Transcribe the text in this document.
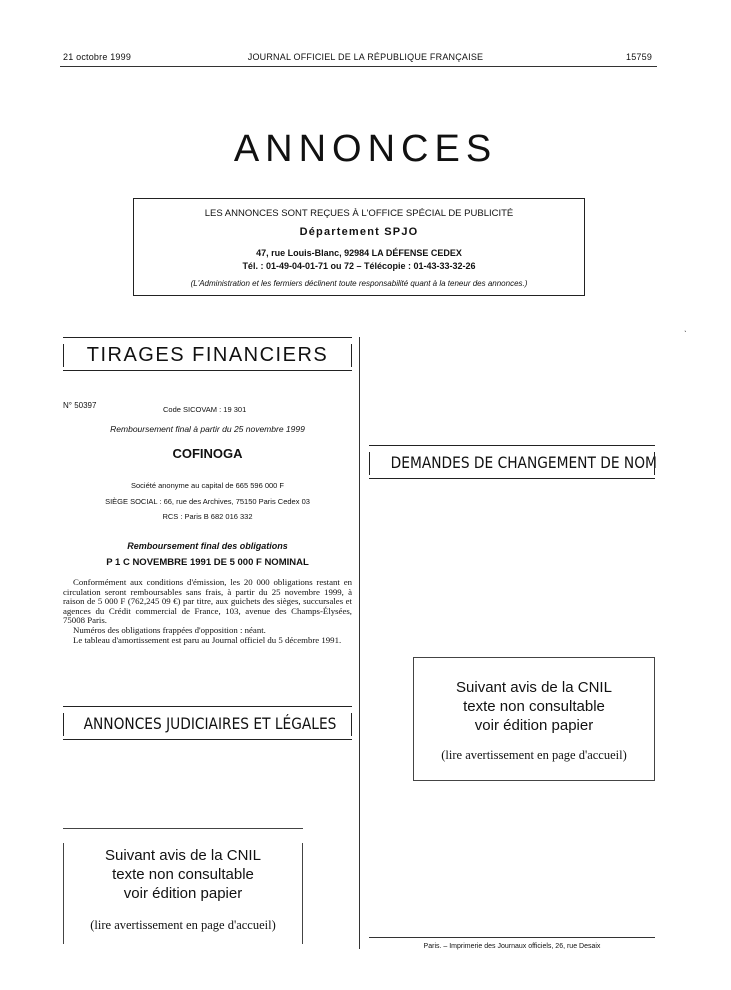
21 octobre 1999	JOURNAL OFFICIEL DE LA RÉPUBLIQUE FRANÇAISE	15759
ANNONCES
LES ANNONCES SONT REÇUES À L'OFFICE SPÉCIAL DE PUBLICITÉ
Département SPJO
47, rue Louis-Blanc, 92984 LA DÉFENSE CEDEX
Tél. : 01-49-04-01-71 ou 72 – Télécopie : 01-43-33-32-26
(L'Administration et les fermiers déclinent toute responsabilité quant à la teneur des annonces.)
ˋ
TIRAGES FINANCIERS
N° 50397	Code SICOVAM : 19 301
Remboursement final à partir du 25 novembre 1999
COFINOGA
Société anonyme au capital de 665 596 000 F
SIÈGE SOCIAL : 66, rue des Archives, 75150 Paris Cedex 03
RCS : Paris B 682 016 332
Remboursement final des obligations
P 1 C NOVEMBRE 1991 DE 5 000 F NOMINAL

Conformément aux conditions d'émission, les 20 000 obligations restant en circulation seront remboursables sans frais, à partir du 25 novembre 1999, à raison de 5 000 F (762,245 09 €) par titre, aux guichets des sièges, succursales et agences du Crédit commercial de France, 103, avenue des Champs-Élysées, 75008 Paris.

Numéros des obligations frappées d'opposition : néant.

Le tableau d'amortissement est paru au Journal officiel du 5 décembre 1991.

DEMANDES DE CHANGEMENT DE NOM
ANNONCES JUDICIAIRES ET LÉGALES
Suivant avis de la CNIL
texte non consultable
voir édition papier
(lire avertissement en page d'accueil)
Suivant avis de la CNIL
texte non consultable
voir édition papier
(lire avertissement en page d'accueil)
Paris. – Imprimerie des Journaux officiels, 26, rue Desaix
